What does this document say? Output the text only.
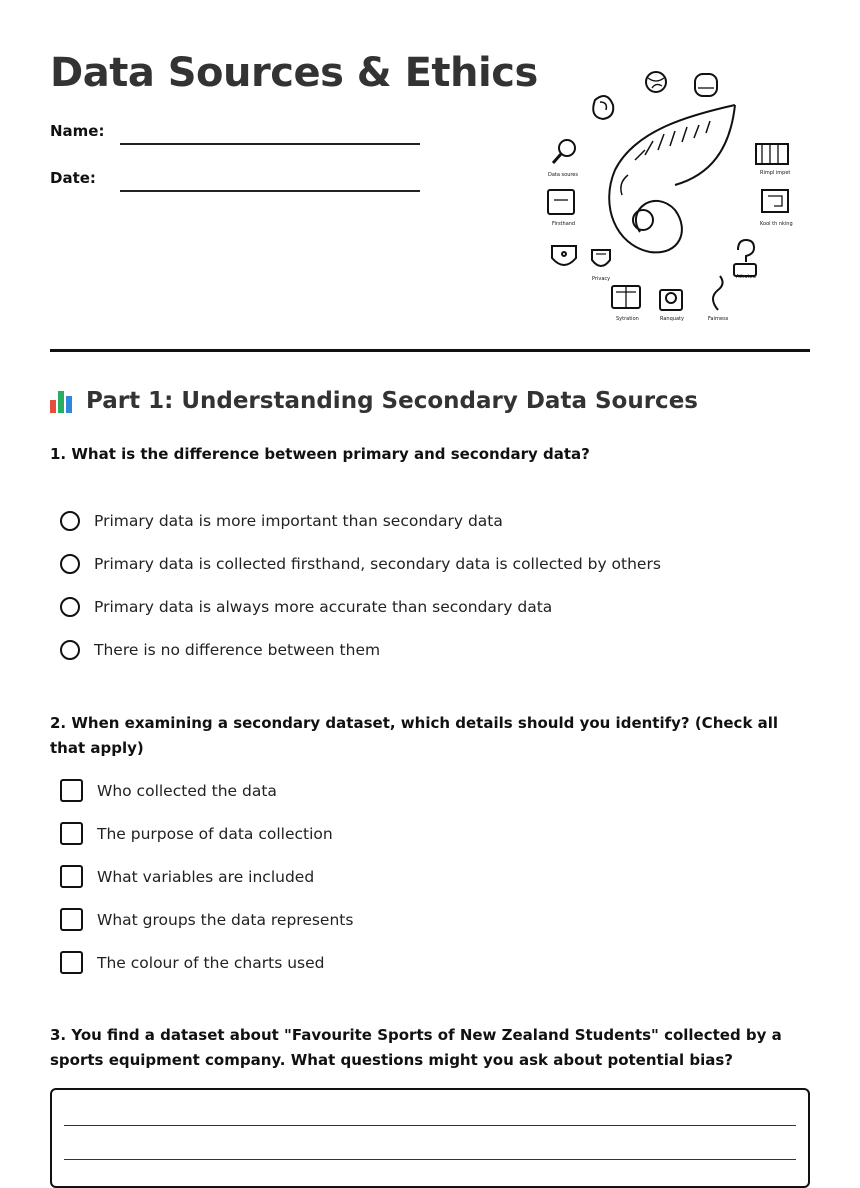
Data Sources & Ethics
Name:
Date:	Data soures
Firsthand
Privacy
Sytration	Ranquaty	Fairness
Athated
Kool th nking
Rimpl impet
Part 1: Understanding Secondary Data Sources

1. What is the difference between primary and secondary data?

Primary data is more important than secondary data
Primary data is collected firsthand, secondary data is collected by others
Primary data is always more accurate than secondary data
There is no difference between them

2. When examining a secondary dataset, which details should you identify? (Check all that apply)

Who collected the data
The purpose of data collection
What variables are included
What groups the data represents
The colour of the charts used

3. You find a dataset about "Favourite Sports of New Zealand Students" collected by a sports equipment company. What questions might you ask about potential bias?
